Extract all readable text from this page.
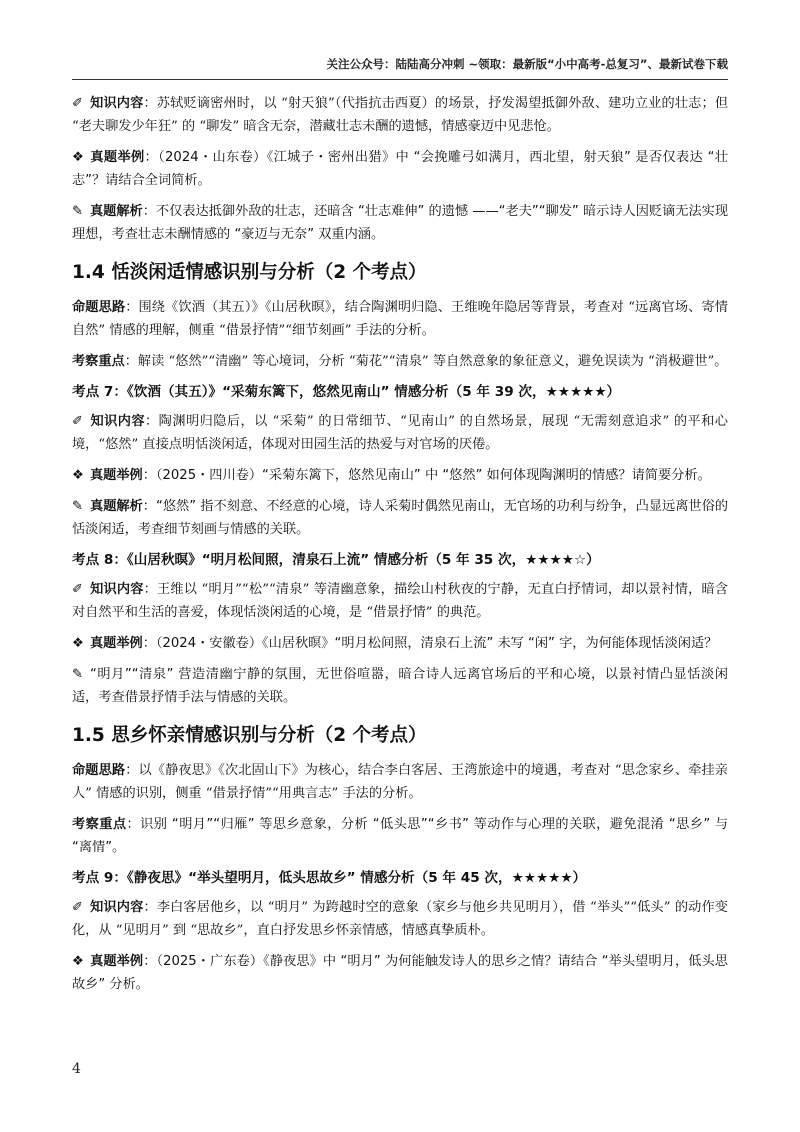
关注公众号：陆陆高分冲刺 ~领取：最新版“小中高考-总复习”、最新试卷下载

✐ 知识内容：苏轼贬谪密州时，以 “射天狼”（代指抗击西夏）的场景，抒发渴望抵御外敌、建功立业的壮志；但 “老夫聊发少年狂” 的 “聊发” 暗含无奈，潜藏壮志未酬的遗憾，情感豪迈中见悲怆。

❖ 真题举例：（2024・山东卷）《江城子・密州出猎》中 “会挽雕弓如满月，西北望，射天狼” 是否仅表达 “壮志”？请结合全词简析。

✎ 真题解析：不仅表达抵御外敌的壮志，还暗含 “壮志难伸” 的遗憾 ——“老夫”“聊发” 暗示诗人因贬谪无法实现理想，考查壮志未酬情感的 “豪迈与无奈” 双重内涵。

1.4 恬淡闲适情感识别与分析（2 个考点）

命题思路：围绕《饮酒（其五）》《山居秋暝》，结合陶渊明归隐、王维晚年隐居等背景，考查对 “远离官场、寄情自然” 情感的理解，侧重 “借景抒情”“细节刻画” 手法的分析。

考察重点：解读 “悠然”“清幽” 等心境词，分析 “菊花”“清泉” 等自然意象的象征意义，避免误读为 “消极避世”。

考点 7：《饮酒（其五）》“采菊东篱下，悠然见南山” 情感分析（5 年 39 次，★★★★★）

✐ 知识内容：陶渊明归隐后，以 “采菊” 的日常细节、“见南山” 的自然场景，展现 “无需刻意追求” 的平和心境，“悠然” 直接点明恬淡闲适，体现对田园生活的热爱与对官场的厌倦。

❖ 真题举例：（2025・四川卷）“采菊东篱下，悠然见南山” 中 “悠然” 如何体现陶渊明的情感？请简要分析。

✎ 真题解析：“悠然” 指不刻意、不经意的心境，诗人采菊时偶然见南山，无官场的功利与纷争，凸显远离世俗的恬淡闲适，考查细节刻画与情感的关联。

考点 8：《山居秋暝》“明月松间照，清泉石上流” 情感分析（5 年 35 次，★★★★☆）

✐ 知识内容：王维以 “明月”“松”“清泉” 等清幽意象，描绘山村秋夜的宁静，无直白抒情词，却以景衬情，暗含对自然平和生活的喜爱，体现恬淡闲适的心境，是 “借景抒情” 的典范。

❖ 真题举例：（2024・安徽卷）《山居秋暝》“明月松间照，清泉石上流” 未写 “闲” 字，为何能体现恬淡闲适？

✎ “明月”“清泉” 营造清幽宁静的氛围，无世俗喧嚣，暗合诗人远离官场后的平和心境，以景衬情凸显恬淡闲适，考查借景抒情手法与情感的关联。

1.5 思乡怀亲情感识别与分析（2 个考点）

命题思路：以《静夜思》《次北固山下》为核心，结合李白客居、王湾旅途中的境遇，考查对 “思念家乡、牵挂亲人” 情感的识别，侧重 “借景抒情”“用典言志” 手法的分析。

考察重点：识别 “明月”“归雁” 等思乡意象，分析 “低头思”“乡书” 等动作与心理的关联，避免混淆 “思乡” 与 “离情”。

考点 9：《静夜思》“举头望明月，低头思故乡” 情感分析（5 年 45 次，★★★★★）

✐ 知识内容：李白客居他乡，以 “明月” 为跨越时空的意象（家乡与他乡共见明月），借 “举头”“低头” 的动作变化，从 “见明月” 到 “思故乡”，直白抒发思乡怀亲情感，情感真挚质朴。

❖ 真题举例：（2025・广东卷）《静夜思》中 “明月” 为何能触发诗人的思乡之情？请结合 “举头望明月，低头思故乡” 分析。

4
